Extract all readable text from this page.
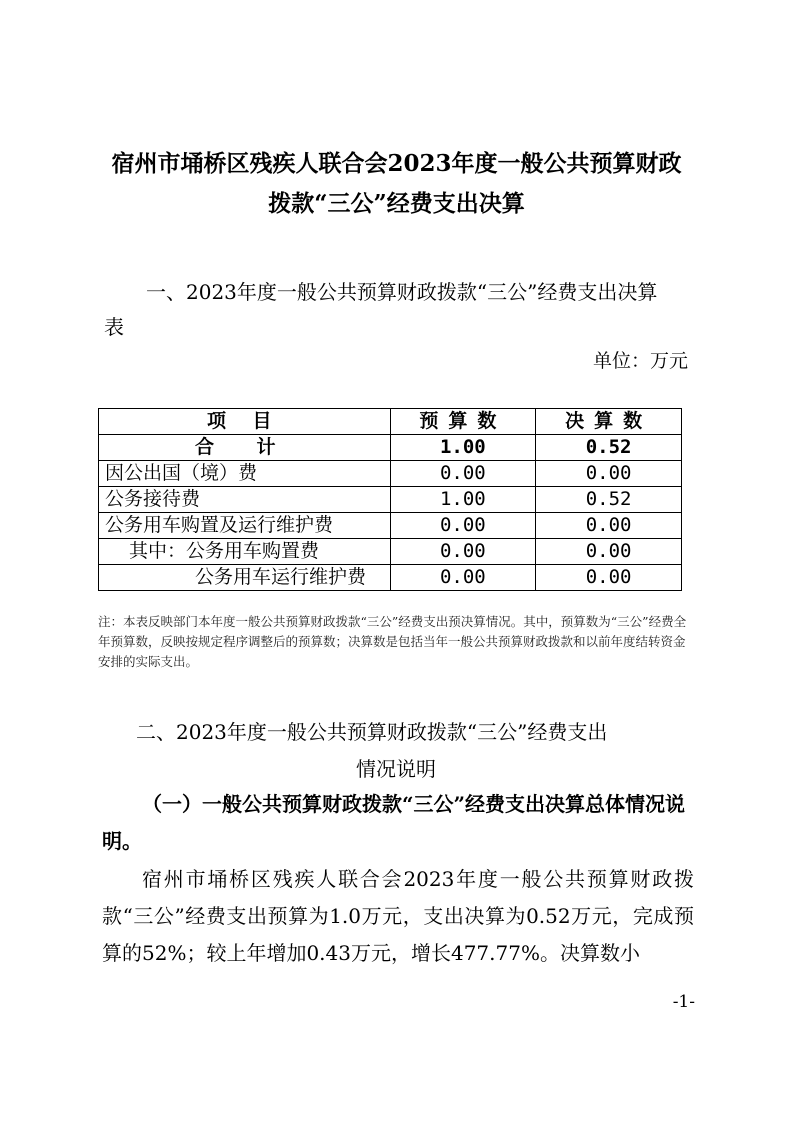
宿州市埇桥区残疾人联合会2023年度一般公共预算财政
拨款“三公”经费支出决算
一、2023年度一般公共预算财政拨款“三公”经费支出决算
表
单位：万元
项 目	预算数	决算数
合 计	1.00	0.52
因公出国（境）费	0.00	0.00
公务接待费	1.00	0.52
公务用车购置及运行维护费	0.00	0.00
其中：公务用车购置费	0.00	0.00
公务用车运行维护费	0.00	0.00
注：本表反映部门本年度一般公共预算财政拨款“三公”经费支出预决算情况。其中，预算数为“三公”经费全年预算数，反映按规定程序调整后的预算数；决算数是包括当年一般公共预算财政拨款和以前年度结转资金安排的实际支出。
二、2023年度一般公共预算财政拨款“三公”经费支出
情况说明
（一）一般公共预算财政拨款“三公”经费支出决算总体情况说明。
宿州市埇桥区残疾人联合会2023年度一般公共预算财政拨款“三公”经费支出预算为1.0万元，支出决算为0.52万元，完成预算的52%；较上年增加0.43万元，增长477.77%。决算数小
-1-
